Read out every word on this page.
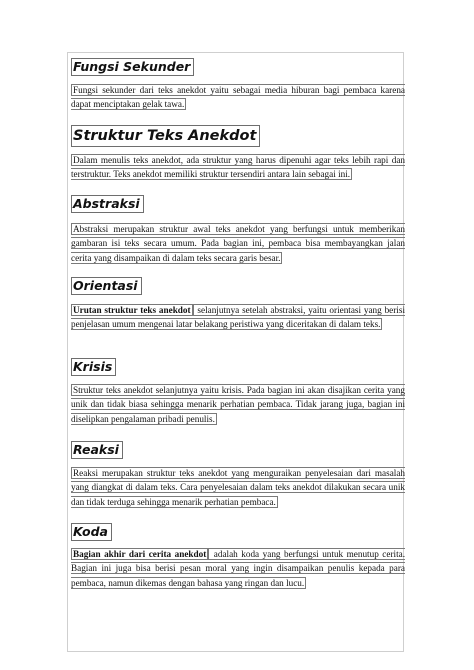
Fungsi Sekunder

Fungsi sekunder dari teks anekdot yaitu sebagai media hiburan bagi pembaca karena dapat menciptakan gelak tawa.

Struktur Teks Anekdot

Dalam menulis teks anekdot, ada struktur yang harus dipenuhi agar teks lebih rapi dan terstruktur. Teks anekdot memiliki struktur tersendiri antara lain sebagai ini.

Abstraksi

Abstraksi merupakan struktur awal teks anekdot yang berfungsi untuk memberikan gambaran isi teks secara umum. Pada bagian ini, pembaca bisa membayangkan jalan cerita yang disampaikan di dalam teks secara garis besar.

Orientasi

Urutan struktur teks anekdot selanjutnya setelah abstraksi, yaitu orientasi yang berisi penjelasan umum mengenai latar belakang peristiwa yang diceritakan di dalam teks.

Krisis

Struktur teks anekdot selanjutnya yaitu krisis. Pada bagian ini akan disajikan cerita yang unik dan tidak biasa sehingga menarik perhatian pembaca. Tidak jarang juga, bagian ini diselipkan pengalaman pribadi penulis.

Reaksi

Reaksi merupakan struktur teks anekdot yang menguraikan penyelesaian dari masalah yang diangkat di dalam teks. Cara penyelesaian dalam teks anekdot dilakukan secara unik dan tidak terduga sehingga menarik perhatian pembaca.

Koda

Bagian akhir dari cerita anekdot adalah koda yang berfungsi untuk menutup cerita. Bagian ini juga bisa berisi pesan moral yang ingin disampaikan penulis kepada para pembaca, namun dikemas dengan bahasa yang ringan dan lucu.
